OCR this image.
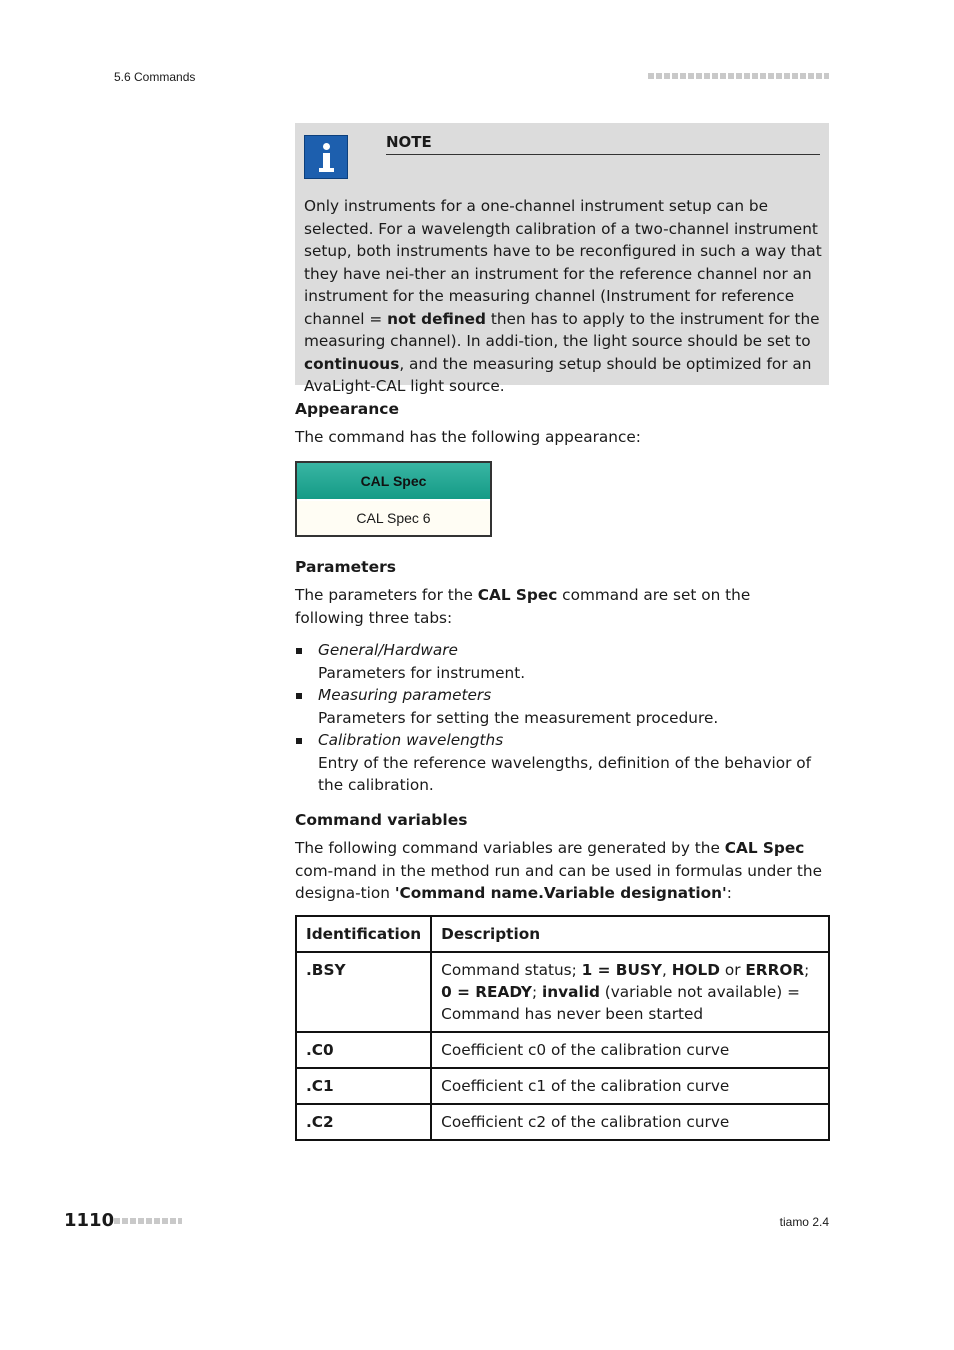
5.6 Commands
NOTE

Only instruments for a one-channel instrument setup can be selected. For a wavelength calibration of a two-channel instrument setup, both instruments have to be reconfigured in such a way that they have nei-ther an instrument for the reference channel nor an instrument for the measuring channel (Instrument for reference channel = not defined then has to apply to the instrument for the measuring channel). In addi-tion, the light source should be set to continuous, and the measuring setup should be optimized for an AvaLight-CAL light source.

Appearance

The command has the following appearance:

CAL Spec
CAL Spec 6
Parameters

The parameters for the CAL Spec command are set on the following three tabs:

General/Hardware
Parameters for instrument.
Measuring parameters
Parameters for setting the measurement procedure.
Calibration wavelengths
Entry of the reference wavelengths, definition of the behavior of the calibration.
Command variables

The following command variables are generated by the CAL Spec com-mand in the method run and can be used in formulas under the designa-tion 'Command name.Variable designation':

Identification	Description
.BSY	Command status; 1 = BUSY, HOLD or ERROR; 0 = READY; invalid (variable not available) = Command has never been started
.C0	Coefficient c0 of the calibration curve
.C1	Coefficient c1 of the calibration curve
.C2	Coefficient c2 of the calibration curve
1110	tiamo 2.4
